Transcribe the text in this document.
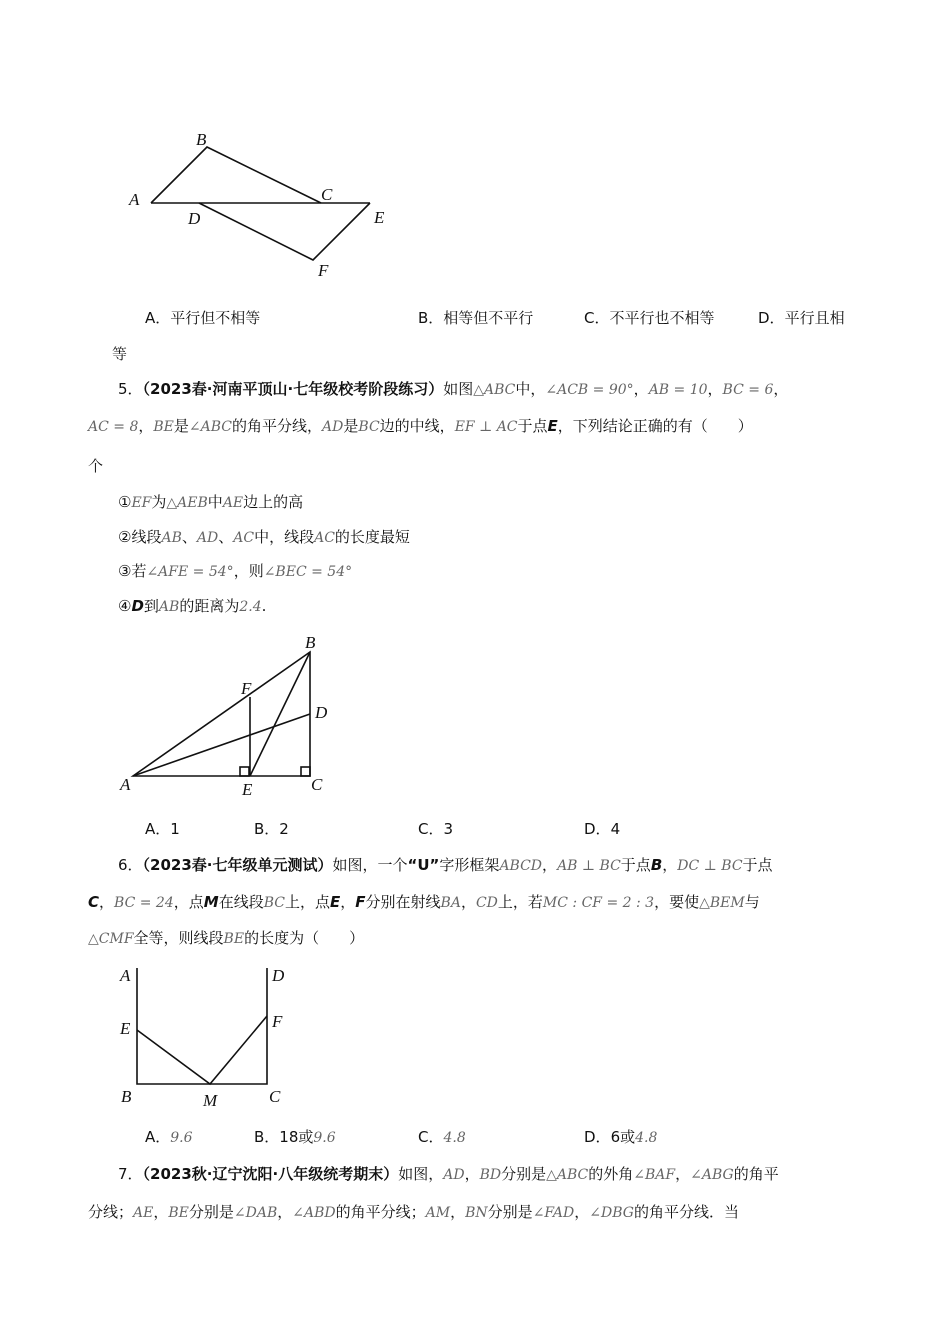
B
A	C
D	E
F
A．平行但不相等	B．相等但不平行	C．不平行也不相等	D．平行且相
等
5．（2023春·河南平顶山·七年级校考阶段练习）如图△ABC中，∠ACB = 90°，AB = 10，BC = 6，
AC = 8，BE是∠ABC的角平分线，AD是BC边的中线，EF ⊥ AC于点E，下列结论正确的有（　　）
个
①EF为△AEB中AE边上的高
②线段AB、AD、AC中，线段AC的长度最短
③若∠AFE = 54°，则∠BEC = 54°
④D到AB的距离为2.4.
B
F
D
A	E	C
A．1	B．2	C．3	D．4
6．（2023春·七年级单元测试）如图，一个“U”字形框架ABCD，AB ⊥ BC于点B，DC ⊥ BC于点
C，BC = 24，点M在线段BC上，点E，F分别在射线BA，CD上，若MC : CF = 2 : 3，要使△BEM与
△CMF全等，则线段BE的长度为（　　）
A	D
E	F
B	M	C
A．9.6	B．18或9.6	C．4.8	D．6或4.8
7．（2023秋·辽宁沈阳·八年级统考期末）如图，AD，BD分别是△ABC的外角∠BAF，∠ABG的角平
分线；AE，BE分别是∠DAB，∠ABD的角平分线；AM，BN分别是∠FAD，∠DBG的角平分线．当
